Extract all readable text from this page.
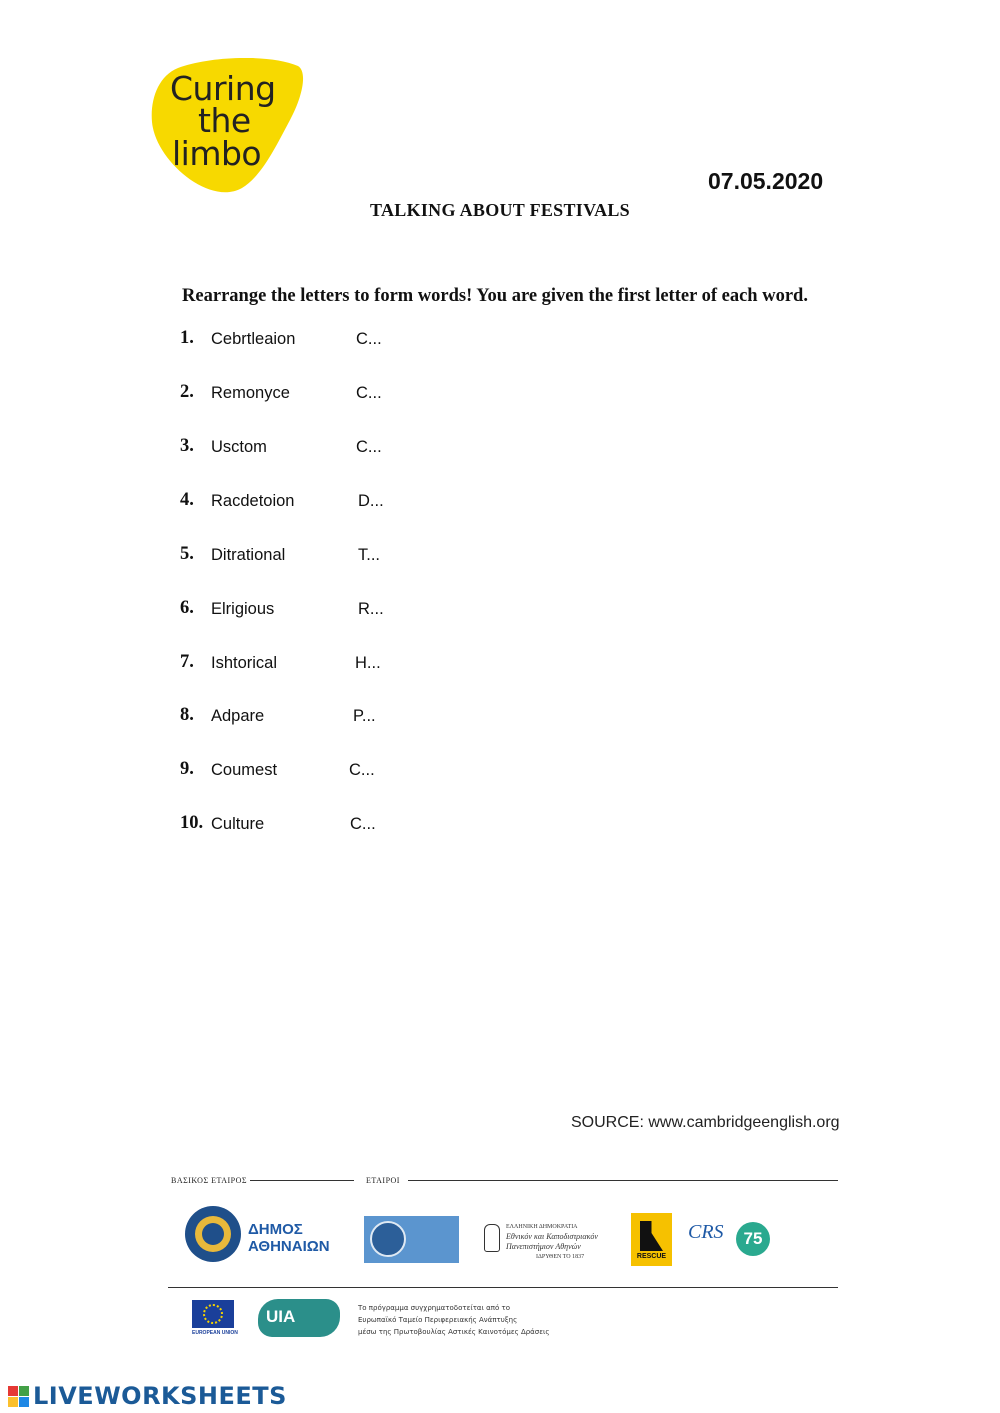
Curing
the
limbo
07.05.2020
TALKING ABOUT FESTIVALS
Rearrange the letters to form words! You are given the first letter of each word.
1. Cebrtleaion	C...
2. Remonyce	C...
3. Usctom	C...
4. Racdetoion	D...
5. Ditrational	T...
6. Elrigious	R...
7. Ishtorical	H...
8. Adpare	P...
9. Coumest	C...
10. Culture	C...
SOURCE: www.cambridgeenglish.org
ΒΑΣΙΚΟΣ ΕΤΑΙΡΟΣ	ΕΤΑΙΡΟΙ
ΔΗΜΟΣ
ΑΘΗΝΑΙΩΝ
ΕΛΛΗΝΙΚΗ ΔΗΜΟΚΡΑΤΙΑ
Εθνικόν και Καποδιστριακόν
Πανεπιστήμιον Αθηνών
ΙΔΡΥΘΕΝ ΤΟ 1837	RESCUE
CRS	75
EUROPEAN UNION
UIA	Το πρόγραμμα συγχρηματοδοτείται από το
Ευρωπαϊκό Ταμείο Περιφερειακής Ανάπτυξης
μέσω της Πρωτοβουλίας Αστικές Καινοτόμες Δράσεις
LIVEWORKSHEETS
